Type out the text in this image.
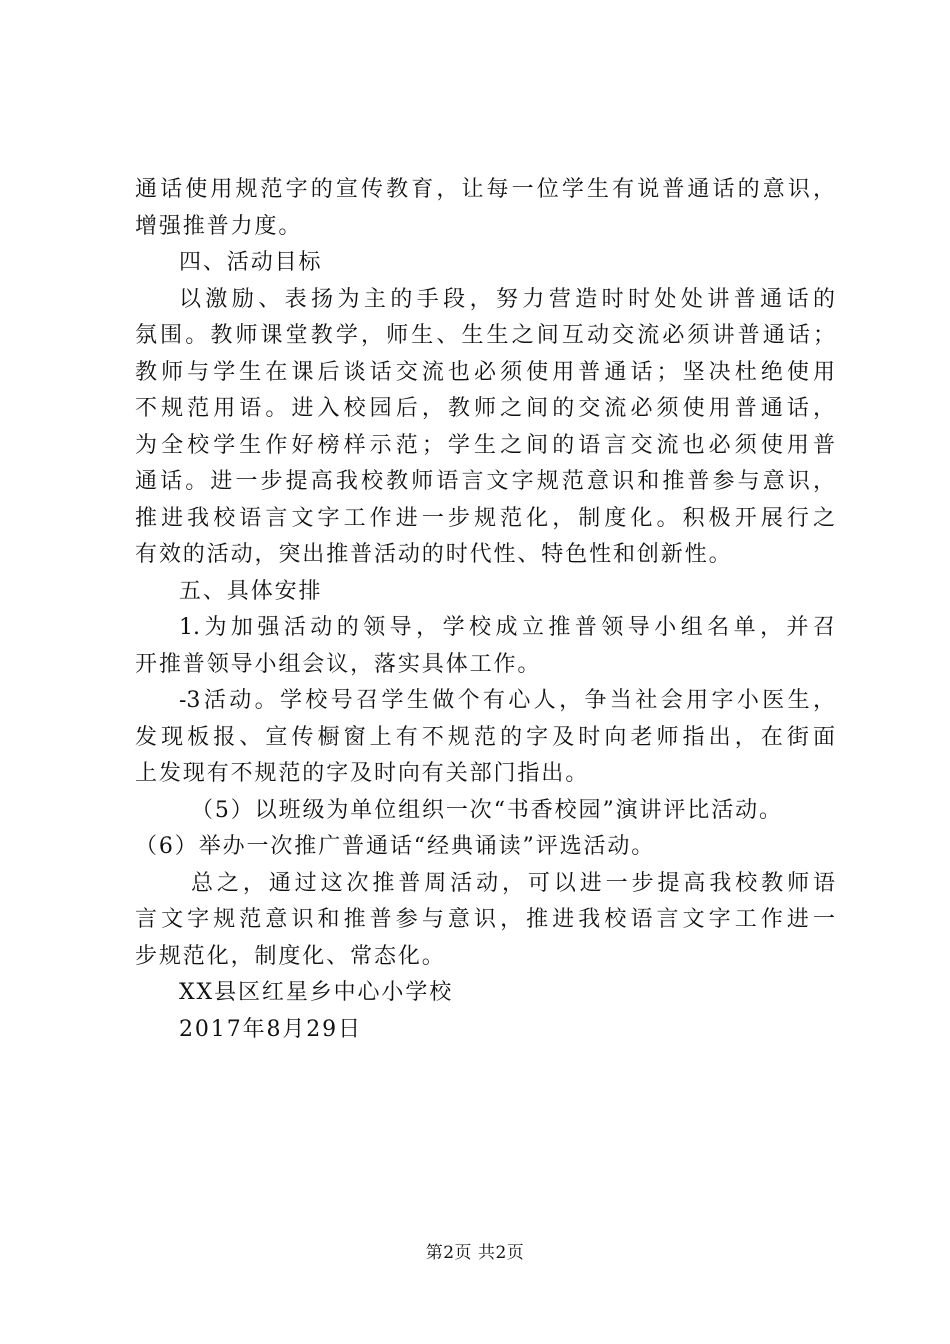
通话使用规范字的宣传教育，让每一位学生有说普通话的意识，
增强推普力度。
四、活动目标
以激励、表扬为主的手段，努力营造时时处处讲普通话的
氛围。教师课堂教学，师生、生生之间互动交流必须讲普通话；
教师与学生在课后谈话交流也必须使用普通话；坚决杜绝使用
不规范用语。进入校园后，教师之间的交流必须使用普通话，
为全校学生作好榜样示范；学生之间的语言交流也必须使用普
通话。进一步提高我校教师语言文字规范意识和推普参与意识，
推进我校语言文字工作进一步规范化，制度化。积极开展行之
有效的活动，突出推普活动的时代性、特色性和创新性。
五、具体安排
1.为加强活动的领导，学校成立推普领导小组名单，并召
开推普领导小组会议，落实具体工作。
-3活动。学校号召学生做个有心人，争当社会用字小医生，
发现板报、宣传橱窗上有不规范的字及时向老师指出，在街面
上发现有不规范的字及时向有关部门指出。
（5）以班级为单位组织一次“书香校园”演讲评比活动。
（6）举办一次推广普通话“经典诵读”评选活动。
总之，通过这次推普周活动，可以进一步提高我校教师语
言文字规范意识和推普参与意识，推进我校语言文字工作进一
步规范化，制度化、常态化。
XX县区红星乡中心小学校
2017年8月29日
第2页 共2页
